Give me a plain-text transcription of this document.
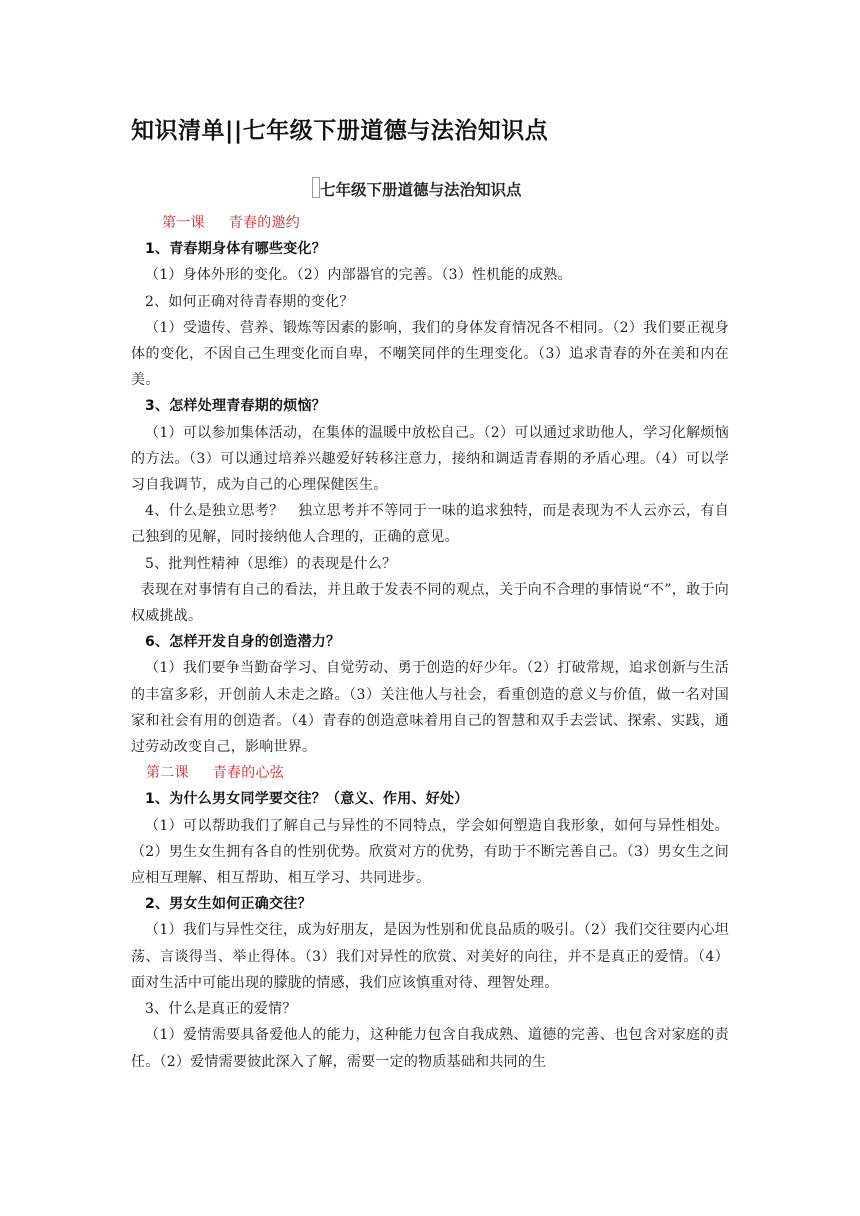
知识清单||七年级下册道德与法治知识点
七年级下册道德与法治知识点

第一课 青春的邀约

1、青春期身体有哪些变化？

（1）身体外形的变化。（2）内部器官的完善。（3）性机能的成熟。

2、如何正确对待青春期的变化？

（1）受遗传、营养、锻炼等因素的影响，我们的身体发育情况各不相同。（2）我们要正视身体的变化，不因自己生理变化而自卑，不嘲笑同伴的生理变化。（3）追求青春的外在美和内在美。

3、怎样处理青春期的烦恼？

（1）可以参加集体活动，在集体的温暖中放松自己。（2）可以通过求助他人，学习化解烦恼的方法。（3）可以通过培养兴趣爱好转移注意力，接纳和调适青春期的矛盾心理。（4）可以学习自我调节，成为自己的心理保健医生。

4、什么是独立思考？　独立思考并不等同于一味的追求独特，而是表现为不人云亦云，有自己独到的见解，同时接纳他人合理的，正确的意见。

5、批判性精神（思维）的表现是什么？

表现在对事情有自己的看法，并且敢于发表不同的观点，关于向不合理的事情说“不”，敢于向权威挑战。

6、怎样开发自身的创造潜力？

（1）我们要争当勤奋学习、自觉劳动、勇于创造的好少年。（2）打破常规，追求创新与生活的丰富多彩，开创前人未走之路。（3）关注他人与社会，看重创造的意义与价值，做一名对国家和社会有用的创造者。（4）青春的创造意味着用自己的智慧和双手去尝试、探索、实践，通过劳动改变自己，影响世界。

第二课 青春的心弦

1、为什么男女同学要交往？（意义、作用、好处）

（1）可以帮助我们了解自己与异性的不同特点，学会如何塑造自我形象，如何与异性相处。（2）男生女生拥有各自的性别优势。欣赏对方的优势，有助于不断完善自己。（3）男女生之间应相互理解、相互帮助、相互学习、共同进步。

2、男女生如何正确交往？

（1）我们与异性交往，成为好朋友，是因为性别和优良品质的吸引。（2）我们交往要内心坦荡、言谈得当、举止得体。（3）我们对异性的欣赏、对美好的向往，并不是真正的爱情。（4）面对生活中可能出现的朦胧的情感，我们应该慎重对待、理智处理。

3、什么是真正的爱情？

（1）爱情需要具备爱他人的能力，这种能力包含自我成熟、道德的完善、也包含对家庭的责任。（2）爱情需要彼此深入了解，需要一定的物质基础和共同的生
